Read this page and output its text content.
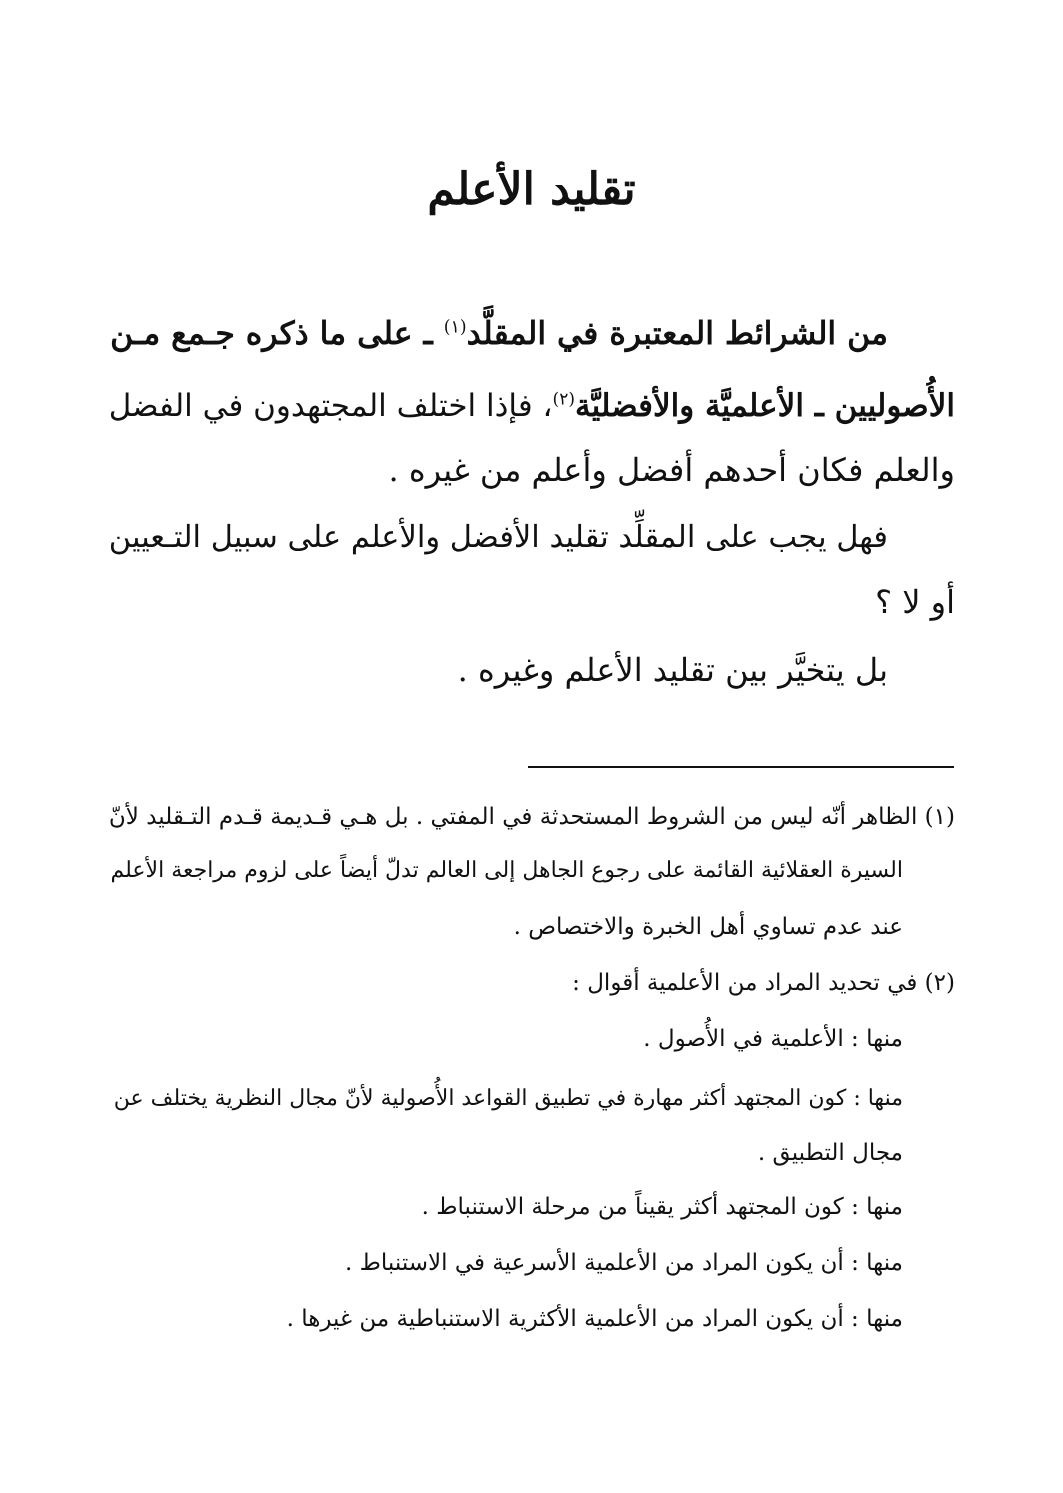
تقليد الأعلم
من الشرائط المعتبرة في المقلَّد$^{(١)}$ ـ على ما ذكره جـمع مـن
الأُصوليين ـ الأعلميَّة والأفضليَّة$^{(٢)}$، فإذا اختلف المجتهدون في الفضل
والعلم فكان أحدهم أفضل وأعلم من غيره .
فهل يجب على المقلِّد تقليد الأفضل والأعلم على سبيل التـعيين
أو لا ؟
بل يتخيَّر بين تقليد الأعلم وغيره .
(١) الظاهر أنّه ليس من الشروط المستحدثة في المفتي . بل هـي قـديمة قـدم التـقليد لأنّ
السيرة العقلائية القائمة على رجوع الجاهل إلى العالم تدلّ أيضاً على لزوم مراجعة الأعلم
عند عدم تساوي أهل الخبرة والاختصاص .
(٢) في تحديد المراد من الأعلمية أقوال :
منها : الأعلمية في الأُصول .
منها : كون المجتهد أكثر مهارة في تطبيق القواعد الأُصولية لأنّ مجال النظرية يختلف عن
مجال التطبيق .
منها : كون المجتهد أكثر يقيناً من مرحلة الاستنباط .
منها : أن يكون المراد من الأعلمية الأسرعية في الاستنباط .
منها : أن يكون المراد من الأعلمية الأكثرية الاستنباطية من غيرها .
